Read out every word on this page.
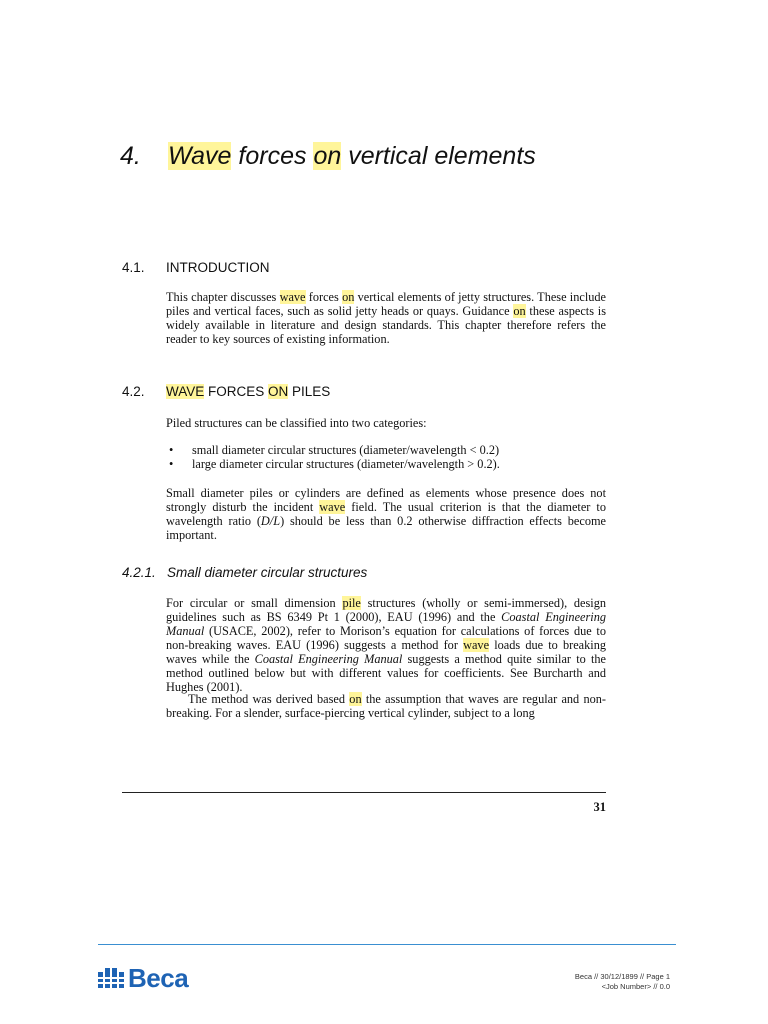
4. Wave forces on vertical elements
4.1. INTRODUCTION

This chapter discusses wave forces on vertical elements of jetty structures. These include piles and vertical faces, such as solid jetty heads or quays. Guidance on these aspects is widely available in literature and design standards. This chapter therefore refers the reader to key sources of existing information.

4.2. WAVE FORCES ON PILES

Piled structures can be classified into two categories:

• small diameter circular structures (diameter/wavelength < 0.2)
• large diameter circular structures (diameter/wavelength > 0.2).

Small diameter piles or cylinders are defined as elements whose presence does not strongly disturb the incident wave field. The usual criterion is that the diameter to wavelength ratio (D/L) should be less than 0.2 otherwise diffraction effects become important.

4.2.1. Small diameter circular structures

For circular or small dimension pile structures (wholly or semi-immersed), design guidelines such as BS 6349 Pt 1 (2000), EAU (1996) and the Coastal Engineering Manual (USACE, 2002), refer to Morison’s equation for calculations of forces due to non-breaking waves. EAU (1996) suggests a method for wave loads due to breaking waves while the Coastal Engineering Manual suggests a method quite similar to the method outlined below but with different values for coefficients. See Burcharth and Hughes (2001).

The method was derived based on the assumption that waves are regular and non-breaking. For a slender, surface-piercing vertical cylinder, subject to a long

31
Beca	Beca // 30/12/1899 // Page 1
<Job Number> // 0.0
